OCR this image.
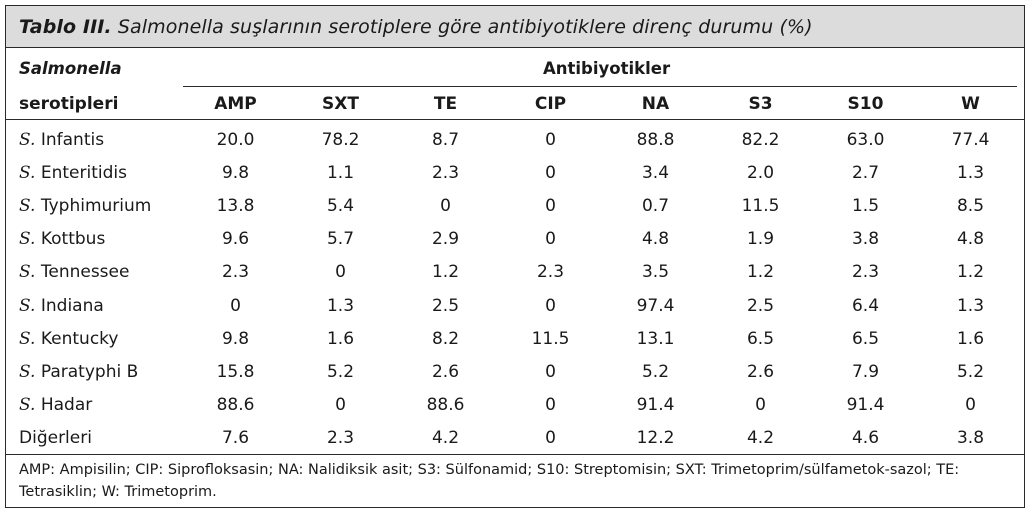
Tablo III. Salmonella suşlarının serotiplere göre antibiyotiklere direnç durumu (%)
Salmonella	Antibiyotikler
serotipleri	AMP	SXT	TE	CIP	NA	S3	S10	W
S. Infantis	20.0	78.2	8.7	0	88.8	82.2	63.0	77.4
S. Enteritidis	9.8	1.1	2.3	0	3.4	2.0	2.7	1.3
S. Typhimurium	13.8	5.4	0	0	0.7	11.5	1.5	8.5
S. Kottbus	9.6	5.7	2.9	0	4.8	1.9	3.8	4.8
S. Tennessee	2.3	0	1.2	2.3	3.5	1.2	2.3	1.2
S. Indiana	0	1.3	2.5	0	97.4	2.5	6.4	1.3
S. Kentucky	9.8	1.6	8.2	11.5	13.1	6.5	6.5	1.6
S. Paratyphi B	15.8	5.2	2.6	0	5.2	2.6	7.9	5.2
S. Hadar	88.6	0	88.6	0	91.4	0	91.4	0
Diğerleri	7.6	2.3	4.2	0	12.2	4.2	4.6	3.8
AMP: Ampisilin; CIP: Siprofloksasin; NA: Nalidiksik asit; S3: Sülfonamid; S10: Streptomisin; SXT: Trimetoprim/sülfametok-sazol; TE: Tetrasiklin; W: Trimetoprim.
